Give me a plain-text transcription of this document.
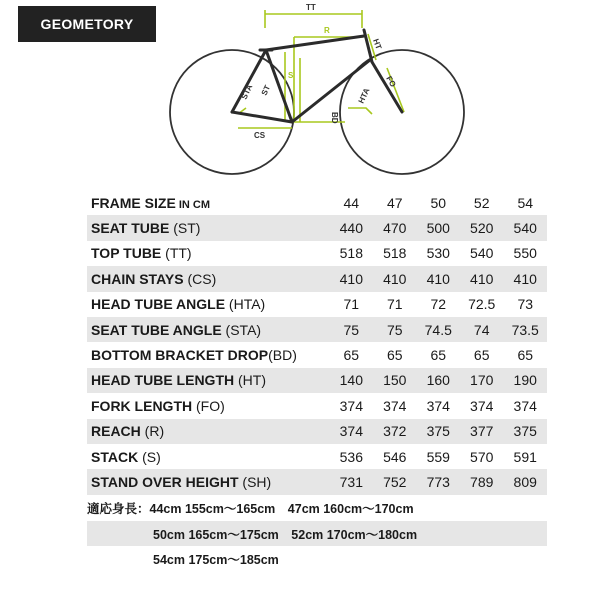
GEOMETORY
TT
R
HT
S	FO
STA ST	HTA
CS
BD
FRAME SIZE IN CM	44	47	50	52	54
SEAT TUBE (ST)	440	470	500	520	540
TOP TUBE (TT)	518	518	530	540	550
CHAIN STAYS (CS)	410	410	410	410	410
HEAD TUBE ANGLE (HTA)	71	71	72	72.5	73
SEAT TUBE ANGLE (STA)	75	75	74.5	74	73.5
BOTTOM BRACKET DROP(BD)	65	65	65	65	65
HEAD TUBE LENGTH (HT)	140	150	160	170	190
FORK LENGTH (FO)	374	374	374	374	374
REACH (R)	374	372	375	377	375
STACK (S)	536	546	559	570	591
STAND OVER HEIGHT (SH)	731	752	773	789	809
適応身長：44cm 155cm～165cm　47cm 160cm～170cm
50cm 165cm～175cm　52cm 170cm～180cm
54cm 175cm～185cm
